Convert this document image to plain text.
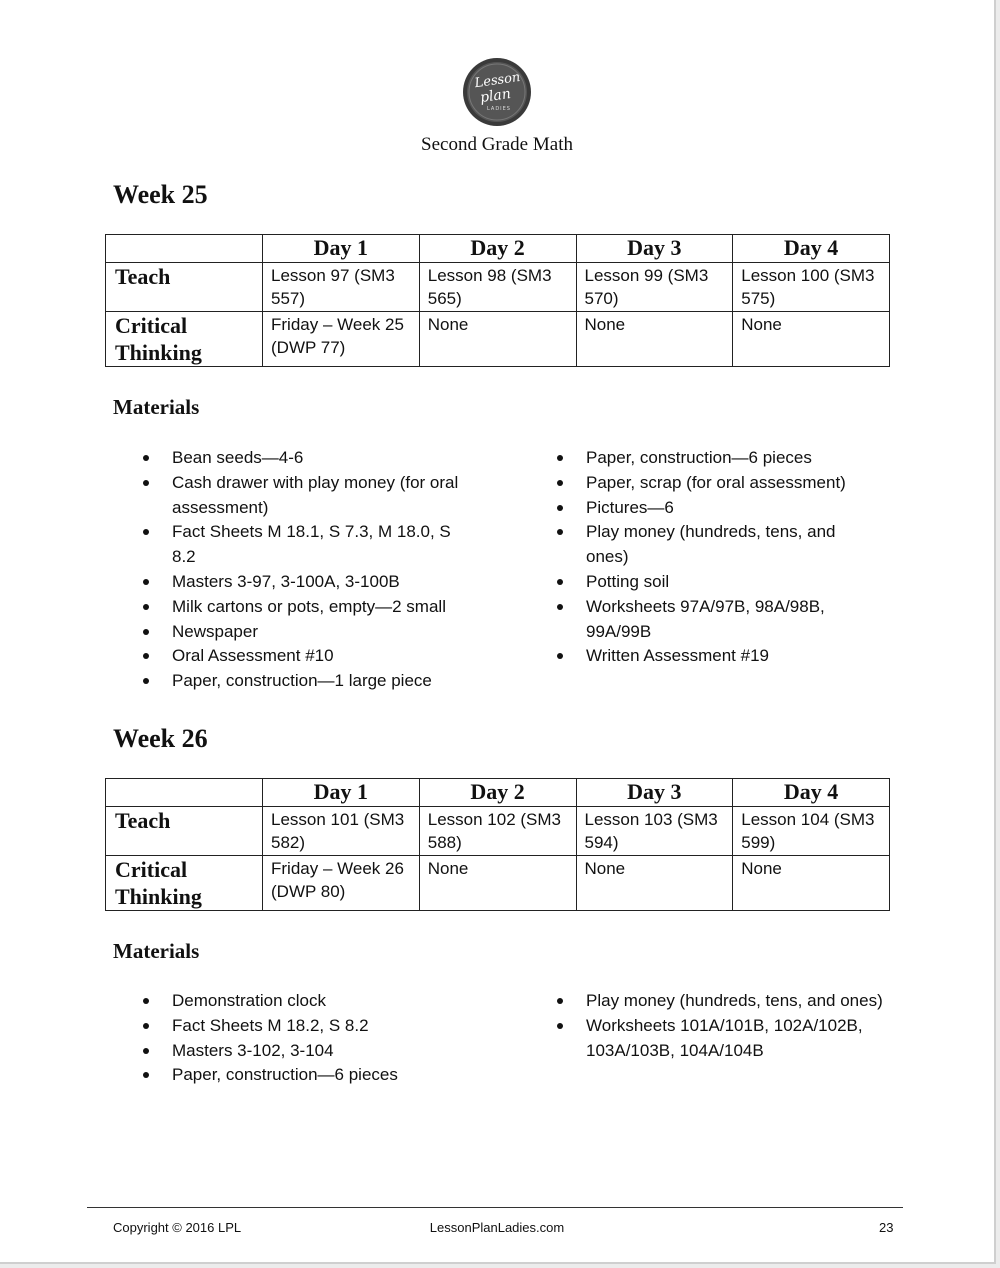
Lesson
plan
LADIES
Second Grade Math
Week 25
	Day 1	Day 2	Day 3	Day 4
Teach	Lesson 97 (SM3 557)	Lesson 98 (SM3 565)	Lesson 99 (SM3 570)	Lesson 100 (SM3 575)
Critical Thinking	Friday – Week 25 (DWP 77)	None	None	None
Materials
Bean seeds—4-6
Cash drawer with play money (for oral assessment)
Fact Sheets M 18.1, S 7.3, M 18.0, S 8.2
Masters 3-97, 3-100A, 3-100B
Milk cartons or pots, empty—2 small
Newspaper
Oral Assessment #10
Paper, construction—1 large piece
Paper, construction—6 pieces
Paper, scrap (for oral assessment)
Pictures—6
Play money (hundreds, tens, and ones)
Potting soil
Worksheets 97A/97B, 98A/98B, 99A/99B
Written Assessment #19
Week 26
	Day 1	Day 2	Day 3	Day 4
Teach	Lesson 101 (SM3 582)	Lesson 102 (SM3 588)	Lesson 103 (SM3 594)	Lesson 104 (SM3 599)
Critical Thinking	Friday – Week 26 (DWP 80)	None	None	None
Materials
Demonstration clock
Fact Sheets M 18.2, S 8.2
Masters 3-102, 3-104
Paper, construction—6 pieces
Play money (hundreds, tens, and ones)
Worksheets 101A/101B, 102A/102B, 103A/103B, 104A/104B
Copyright © 2016 LPL	LessonPlanLadies.com	23
